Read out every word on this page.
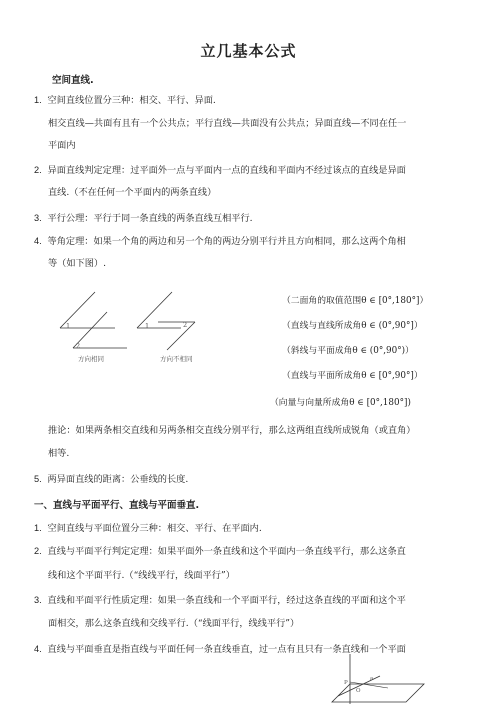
立几基本公式
空间直线.
1. 空间直线位置分三种：相交、平行、异面.
相交直线—共面有且有一个公共点；平行直线—共面没有公共点；异面直线—不同在任一
平面内
2. 异面直线判定定理：过平面外一点与平面内一点的直线和平面内不经过该点的直线是异面
直线.（不在任何一个平面内的两条直线）
3. 平行公理：平行于同一条直线的两条直线互相平行.
4. 等角定理：如果一个角的两边和另一个角的两边分别平行并且方向相同，那么这两个角相
等（如下图）.
1
2
1	2
方向相同	方向不相同
（二面角的取值范围θ ∈ [0°,180°]）
（直线与直线所成角θ ∈ (0°,90°]）
（斜线与平面成角θ ∈ (0°,90°)）
（直线与平面所成角θ ∈ [0°,90°]）
（向量与向量所成角θ ∈ [0°,180°])
推论：如果两条相交直线和另两条相交直线分别平行，那么这两组直线所成锐角（或直角）
相等.
5. 两异面直线的距离：公垂线的长度.
一、直线与平面平行、直线与平面垂直.
1. 空间直线与平面位置分三种：相交、平行、在平面内.
2. 直线与平面平行判定定理：如果平面外一条直线和这个平面内一条直线平行，那么这条直
线和这个平面平行.（“线线平行，线面平行”）
3. 直线和平面平行性质定理：如果一条直线和一个平面平行，经过这条直线的平面和这个平
面相交，那么这条直线和交线平行.（“线面平行，线线平行”）
4. 直线与平面垂直是指直线与平面任何一条直线垂直，过一点有且只有一条直线和一个平面
P
a
O
